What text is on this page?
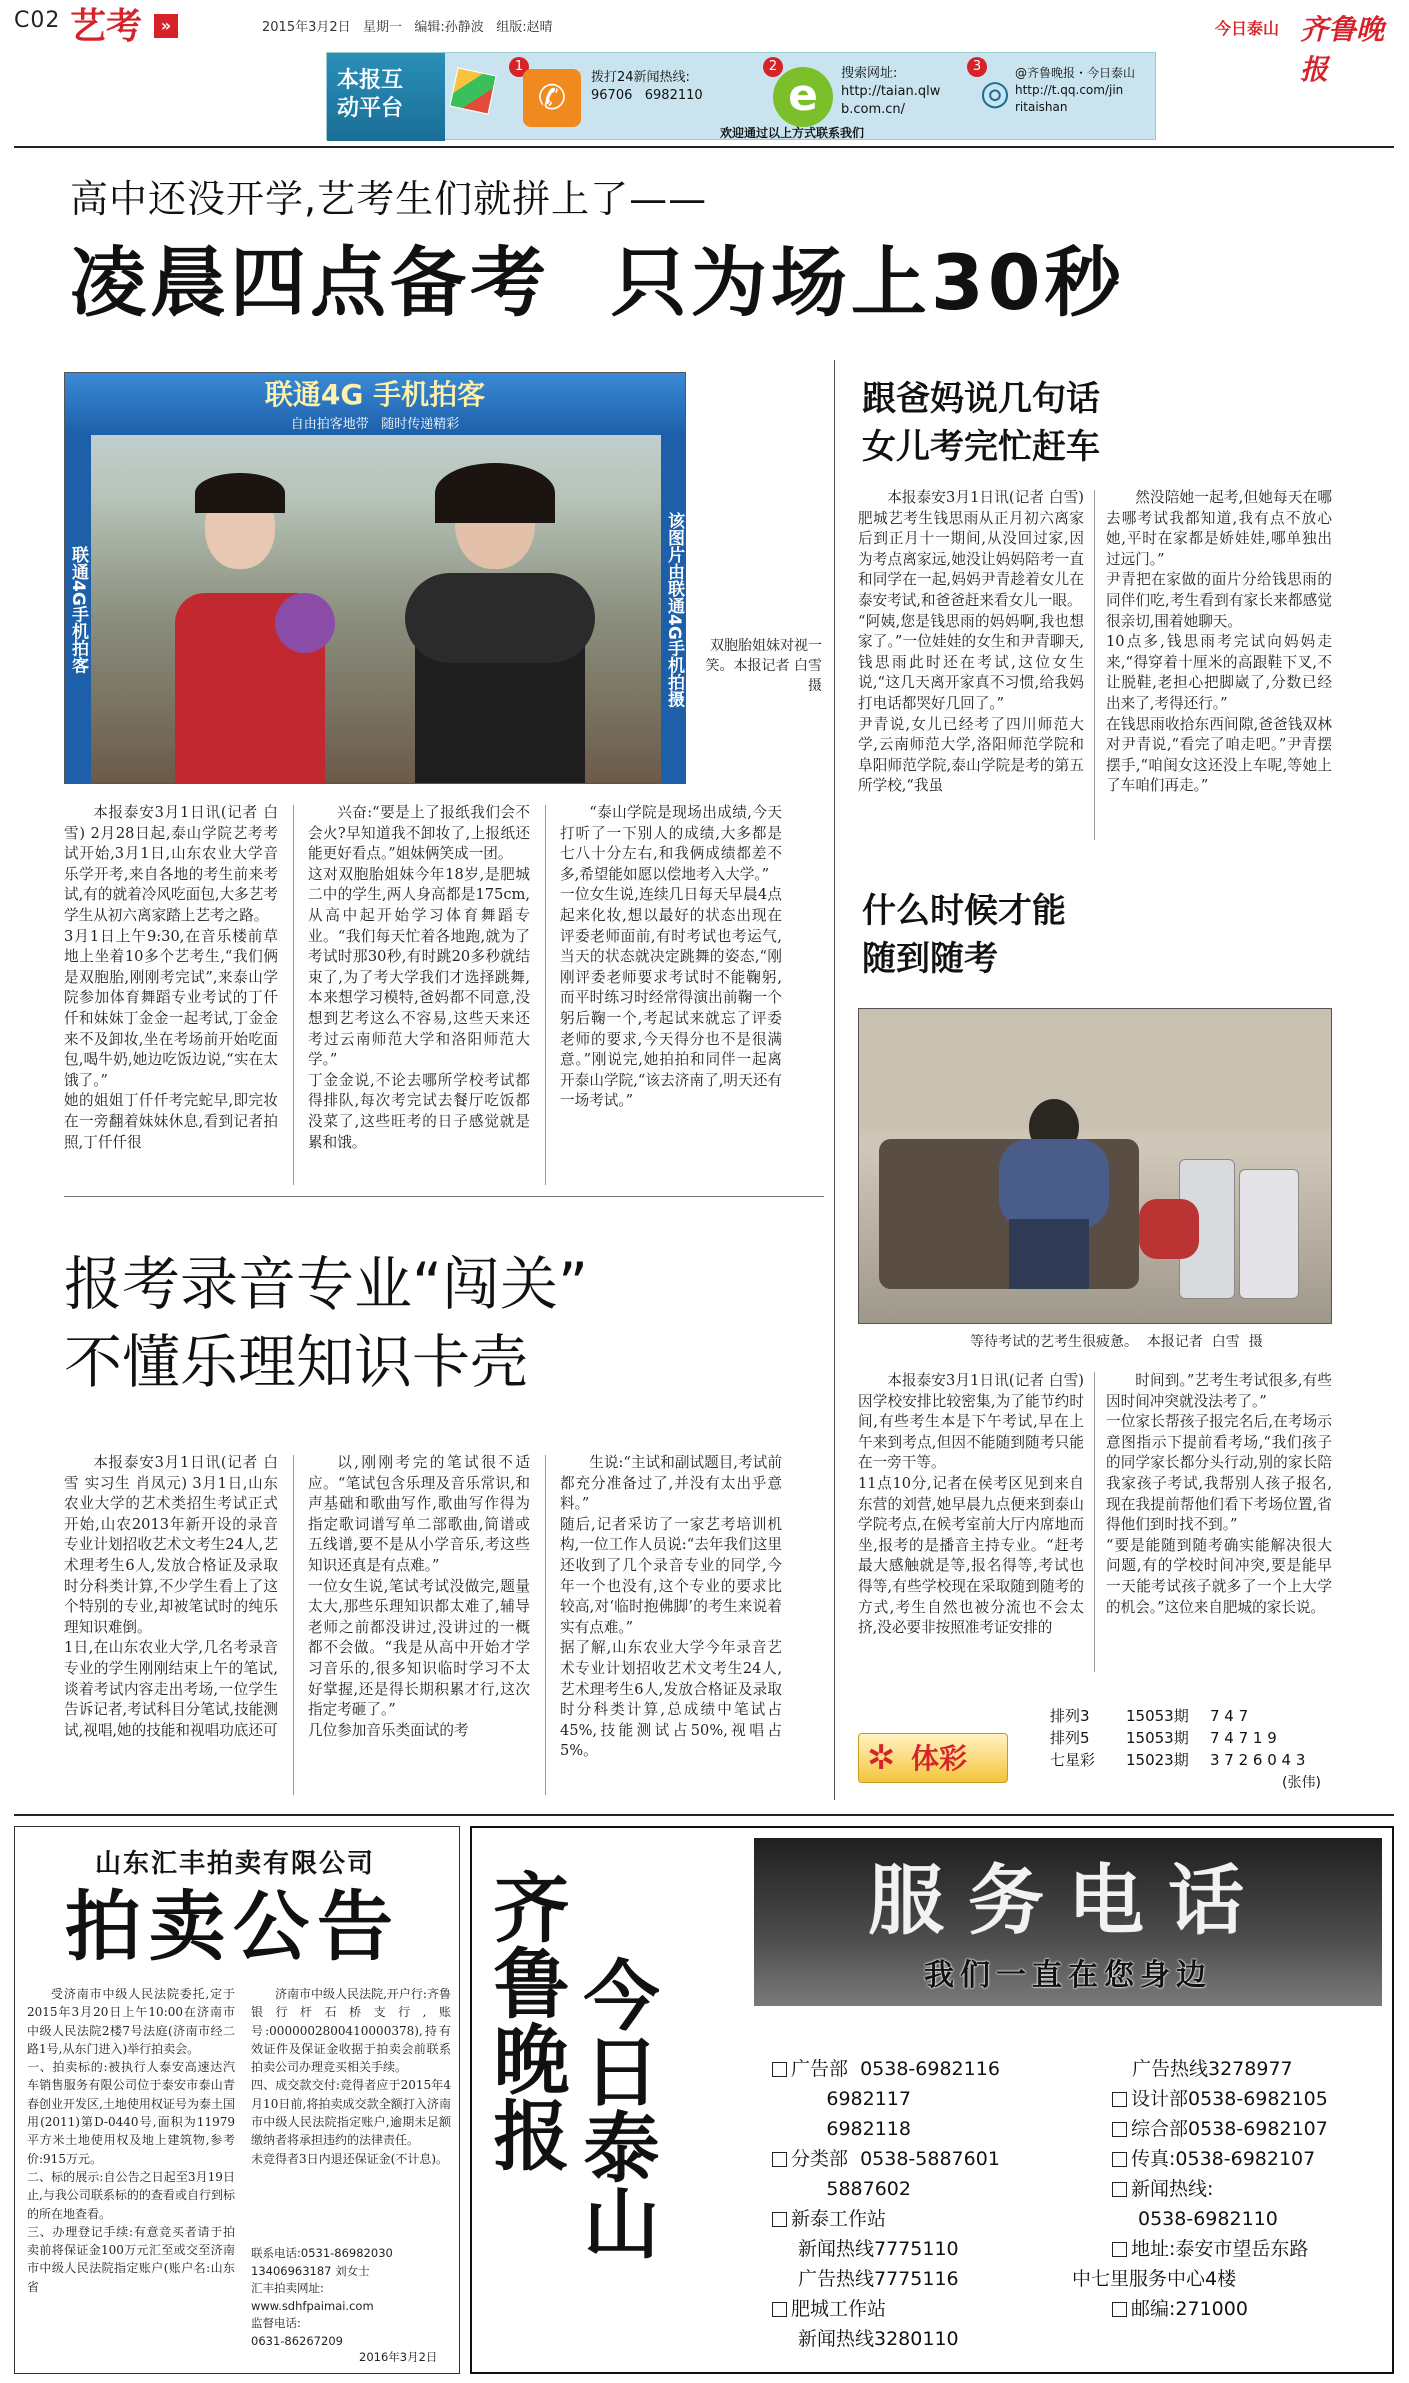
C02 艺考	»	2015年3月2日   星期一   编辑:孙静波   组版:赵晴	今日泰山 齐鲁晚报
本报互
动平台
1
✆
拨打24新闻热线:
96706 6982110
2
e	搜索网址:
http://taian.qlw
b.com.cn/
3
◎ @齐鲁晚报・今日泰山
http://t.qq.com/jin
ritaishan
欢迎通过以上方式联系我们
高中还没开学,艺考生们就拼上了——
凌晨四点备考  只为场上30秒
联通4G 手机拍客
自由拍客地带   随时传递精彩
联通4G手机拍客	该图片由联通4G手机拍摄	双胞胎姐妹对视一笑。本报记者 白雪 摄
本报泰安3月1日讯(记者 白雪) 2月28日起,泰山学院艺考考试开始,3月1日,山东农业大学音乐学开考,来自各地的考生前来考试,有的就着冷风吃面包,大多艺考学生从初六离家踏上艺考之路。
3月1日上午9:30,在音乐楼前草地上坐着10多个艺考生,“我们俩是双胞胎,刚刚考完试”,来泰山学院参加体育舞蹈专业考试的丁仟仟和妹妹丁金金一起考试,丁金金来不及卸妆,坐在考场前开始吃面包,喝牛奶,她边吃饭边说,“实在太饿了。”
她的姐姐丁仟仟考完蛇早,即完妆在一旁翻着妹妹休息,看到记者拍照,丁仟仟很
兴奋:“要是上了报纸我们会不会火?早知道我不卸妆了,上报纸还能更好看点。”姐妹俩笑成一团。
这对双胞胎姐妹今年18岁,是肥城二中的学生,两人身高都是175cm,从高中起开始学习体育舞蹈专业。“我们每天忙着各地跑,就为了考试时那30秒,有时跳20多秒就结束了,为了考大学我们才选择跳舞,本来想学习模特,爸妈都不同意,没想到艺考这么不容易,这些天来还考过云南师范大学和洛阳师范大学。”
丁金金说,不论去哪所学校考试都得排队,每次考完试去餐厅吃饭都没菜了,这些旺考的日子感觉就是累和饿。
“泰山学院是现场出成绩,今天打听了一下别人的成绩,大多都是七八十分左右,和我俩成绩都差不多,希望能如愿以偿地考入大学。”
一位女生说,连续几日每天早晨4点起来化妆,想以最好的状态出现在评委老师面前,有时考试也考运气,当天的状态就决定跳舞的姿态,“刚刚评委老师要求考试时不能鞠躬,而平时练习时经常得演出前鞠一个躬后鞠一个,考起试来就忘了评委老师的要求,今天得分也不是很满意。”刚说完,她拍拍和同伴一起离开泰山学院,“该去济南了,明天还有一场考试。”
跟爸妈说几句话
女儿考完忙赶车
本报泰安3月1日讯(记者 白雪) 肥城艺考生钱思雨从正月初六离家后到正月十一期间,从没回过家,因为考点离家远,她没让妈妈陪考一直和同学在一起,妈妈尹青趁着女儿在泰安考试,和爸爸赶来看女儿一眼。
“阿姨,您是钱思雨的妈妈啊,我也想家了。”一位娃娃的女生和尹青聊天,钱思雨此时还在考试,这位女生说,“这几天离开家真不习惯,给我妈打电话都哭好几回了。”
尹青说,女儿已经考了四川师范大学,云南师范大学,洛阳师范学院和阜阳师范学院,泰山学院是考的第五所学校,“我虽
然没陪她一起考,但她每天在哪去哪考试我都知道,我有点不放心她,平时在家都是娇娃娃,哪单独出过远门。”
尹青把在家做的面片分给钱思雨的同伴们吃,考生看到有家长来都感觉很亲切,围着她聊天。
10点多,钱思雨考完试向妈妈走来,“得穿着十厘米的高跟鞋下叉,不让脱鞋,老担心把脚崴了,分数已经出来了,考得还行。”
在钱思雨收拾东西间隙,爸爸钱双林对尹青说,“看完了咱走吧。”尹青摆摆手,“咱闺女这还没上车呢,等她上了车咱们再走。”
什么时候才能
随到随考
等待考试的艺考生很疲惫。  本报记者  白雪  摄
本报泰安3月1日讯(记者 白雪) 因学校安排比较密集,为了能节约时间,有些考生本是下午考试,早在上午来到考点,但因不能随到随考只能在一旁干等。
11点10分,记者在侯考区见到来自东营的刘营,她早晨九点便来到泰山学院考点,在候考室前大厅内席地而坐,报考的是播音主持专业。“赶考最大感触就是等,报名得等,考试也得等,有些学校现在采取随到随考的方式,考生自然也被分流也不会太挤,没必要非按照准考证安排的
时间到。”艺考生考试很多,有些因时间冲突就没法考了。”
一位家长帮孩子报完名后,在考场示意图指示下提前看考场,“我们孩子的同学家长都分头行动,别的家长陪我家孩子考试,我帮别人孩子报名,现在我提前帮他们看下考场位置,省得他们到时找不到。”
“要是能随到随考确实能解决很大问题,有的学校时间冲突,要是能早一天能考试孩子就多了一个上大学的机会。”这位来自肥城的家长说。
报考录音专业“闯关”
不懂乐理知识卡壳
本报泰安3月1日讯(记者 白雪 实习生 肖凤元) 3月1日,山东农业大学的艺术类招生考试正式开始,山农2013年新开设的录音专业计划招收艺术文考生24人,艺术理考生6人,发放合格证及录取时分科类计算,不少学生看上了这个特别的专业,却被笔试时的纯乐理知识难倒。
1日,在山东农业大学,几名考录音专业的学生刚刚结束上午的笔试,谈着考试内容走出考场,一位学生告诉记者,考试科目分笔试,技能测试,视唱,她的技能和视唱功底还可
以,刚刚考完的笔试很不适应。“笔试包含乐理及音乐常识,和声基础和歌曲写作,歌曲写作得为指定歌词谱写单二部歌曲,简谱或五线谱,要不是从小学音乐,考这些知识还真是有点难。”
一位女生说,笔试考试没做完,题量太大,那些乐理知识都太难了,辅导老师之前都没讲过,没讲过的一概都不会做。“我是从高中开始才学习音乐的,很多知识临时学习不太好掌握,还是得长期积累才行,这次指定考砸了。”
几位参加音乐类面试的考
生说:“主试和副试题目,考试前都充分准备过了,并没有太出乎意料。”
随后,记者采访了一家艺考培训机构,一位工作人员说:“去年我们这里还收到了几个录音专业的同学,今年一个也没有,这个专业的要求比较高,对‘临时抱佛脚’的考生来说着实有点难。”
据了解,山东农业大学今年录音艺术专业计划招收艺术文考生24人,艺术理考生6人,发放合格证及录取时分科类计算,总成绩中笔试占45%,技能测试占50%,视唱占5%。	✲ 体彩
排列3	15053期	7 4 7
排列5	15053期	7 4 7 1 9
七星彩	15023期	3 7 2 6 0 4 3
(张伟)
山东汇丰拍卖有限公司
拍卖公告
受济南市中级人民法院委托,定于2015年3月20日上午10:00在济南市中级人民法院2楼7号法庭(济南市经二路1号,从东门进入)举行拍卖会。
一、拍卖标的:被执行人泰安高速达汽车销售服务有限公司位于泰安市泰山青春创业开发区,土地使用权证号为泰土国用(2011)第D-0440号,面积为11979平方米土地使用权及地上建筑物,参考价:915万元。
二、标的展示:自公告之日起至3月19日止,与我公司联系标的的查看或自行到标的所在地查看。
三、办理登记手续:有意竞买者请于拍卖前将保证金100万元汇至或交至济南市中级人民法院指定账户(账户名:山东省
济南市中级人民法院,开户行:齐鲁银行杆石桥支行,账号:0000002800410000378),持有效证件及保证金收据于拍卖会前联系拍卖公司办理竞买相关手续。
四、成交款交付:竞得者应于2015年4月10日前,将拍卖成交款全额打入济南市中级人民法院指定账户,逾期未足额缴纳者将承担违约的法律责任。
未竞得者3日内退还保证金(不计息)。
联系电话:0531-86982030
13406963187 刘女士
汇丰拍卖网址:
www.sdhfpaimai.com
监督电话:
0631-86267209
2016年3月2日
齐鲁晚报 今日泰山
服务电话
我们一直在您身边
广告部  0538-6982116
6982117
6982118
分类部  0538-5887601
5887602
新泰工作站
新闻热线7775110
广告热线7775116
肥城工作站
新闻热线3280110
广告热线3278977
设计部0538-6982105
综合部0538-6982107
传真:0538-6982107
新闻热线:
0538-6982110
地址:泰安市望岳东路
中七里服务中心4楼
邮编:271000
